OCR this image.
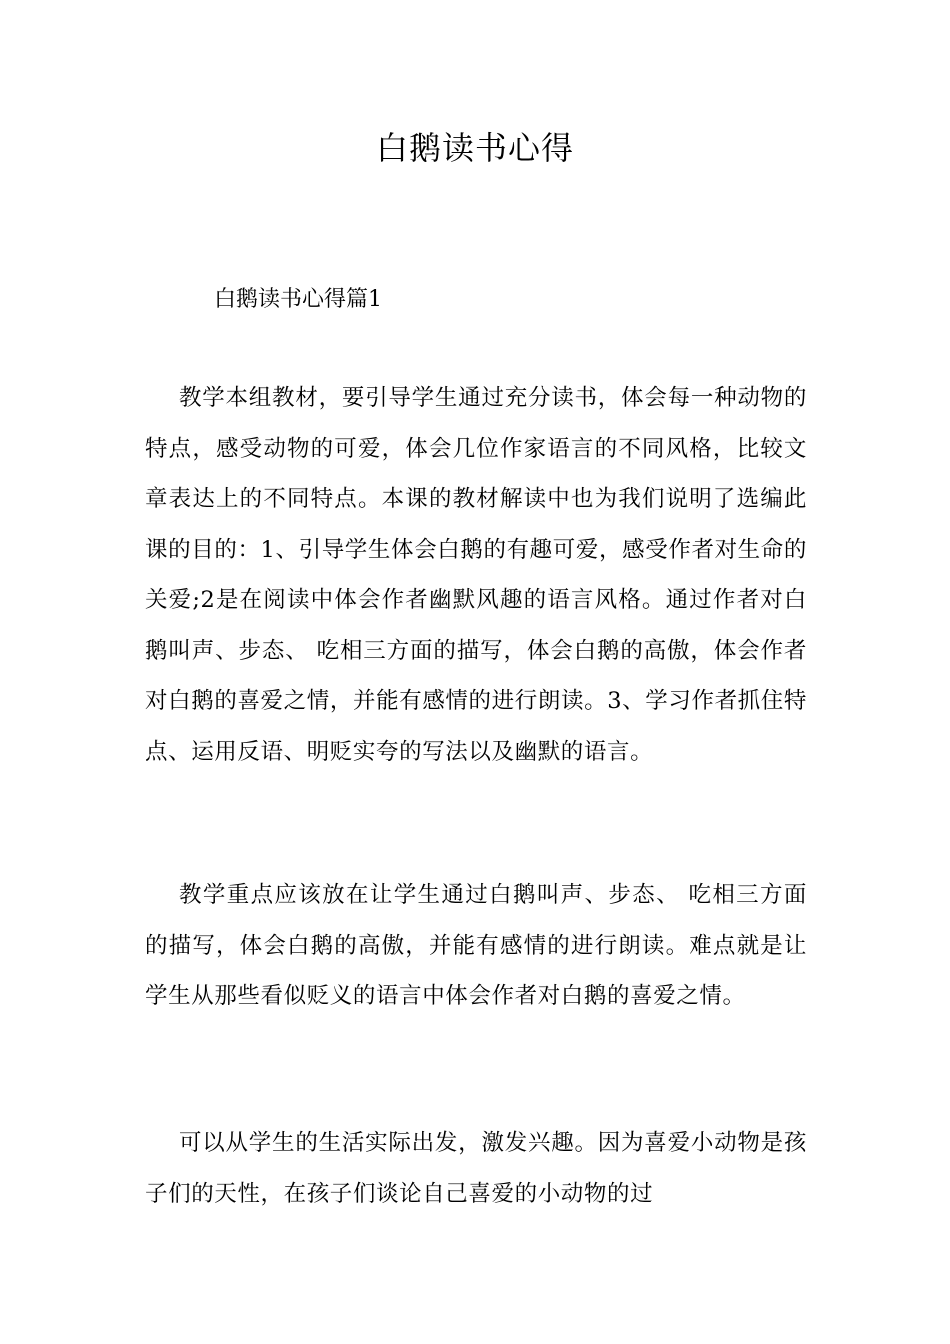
白鹅读书心得
白鹅读书心得篇1

教学本组教材，要引导学生通过充分读书，体会每一种动物的特点，感受动物的可爱，体会几位作家语言的不同风格，比较文章表达上的不同特点。本课的教材解读中也为我们说明了选编此课的目的：1、引导学生体会白鹅的有趣可爱，感受作者对生命的关爱;2是在阅读中体会作者幽默风趣的语言风格。通过作者对白鹅叫声、步态、 吃相三方面的描写，体会白鹅的高傲，体会作者对白鹅的喜爱之情，并能有感情的进行朗读。3、学习作者抓住特点、运用反语、明贬实夸的写法以及幽默的语言。

教学重点应该放在让学生通过白鹅叫声、步态、 吃相三方面的描写，体会白鹅的高傲，并能有感情的进行朗读。难点就是让学生从那些看似贬义的语言中体会作者对白鹅的喜爱之情。

可以从学生的生活实际出发，激发兴趣。因为喜爱小动物是孩子们的天性，在孩子们谈论自己喜爱的小动物的过
